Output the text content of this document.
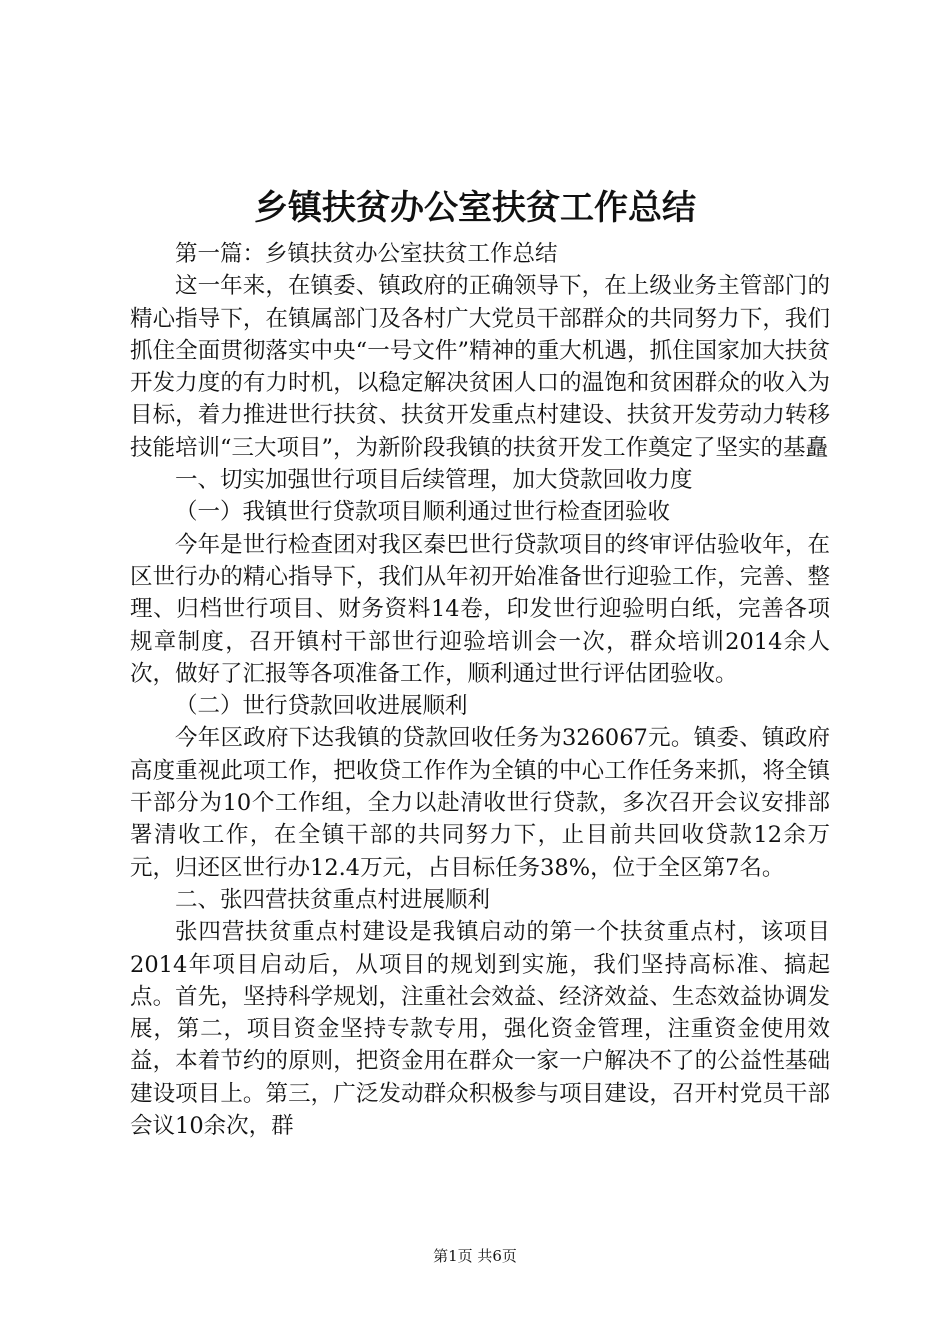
乡镇扶贫办公室扶贫工作总结

第一篇：乡镇扶贫办公室扶贫工作总结

这一年来，在镇委、镇政府的正确领导下，在上级业务主管部门的精心指导下，在镇属部门及各村广大党员干部群众的共同努力下，我们抓住全面贯彻落实中央“一号文件”精神的重大机遇，抓住国家加大扶贫开发力度的有力时机，以稳定解决贫困人口的温饱和贫困群众的收入为目标，着力推进世行扶贫、扶贫开发重点村建设、扶贫开发劳动力转移技能培训“三大项目”，为新阶段我镇的扶贫开发工作奠定了坚实的基矗

一、切实加强世行项目后续管理，加大贷款回收力度

（一）我镇世行贷款项目顺利通过世行检查团验收

今年是世行检查团对我区秦巴世行贷款项目的终审评估验收年，在区世行办的精心指导下，我们从年初开始准备世行迎验工作，完善、整理、归档世行项目、财务资料14卷，印发世行迎验明白纸，完善各项规章制度，召开镇村干部世行迎验培训会一次，群众培训2014余人次，做好了汇报等各项准备工作，顺利通过世行评估团验收。

（二）世行贷款回收进展顺利

今年区政府下达我镇的贷款回收任务为326067元。镇委、镇政府高度重视此项工作，把收贷工作作为全镇的中心工作任务来抓，将全镇干部分为10个工作组，全力以赴清收世行贷款，多次召开会议安排部署清收工作，在全镇干部的共同努力下，止目前共回收贷款12余万元，归还区世行办12.4万元，占目标任务38%，位于全区第7名。

二、张四营扶贫重点村进展顺利

张四营扶贫重点村建设是我镇启动的第一个扶贫重点村，该项目2014年项目启动后，从项目的规划到实施，我们坚持高标准、搞起点。首先，坚持科学规划，注重社会效益、经济效益、生态效益协调发展，第二，项目资金坚持专款专用，强化资金管理，注重资金使用效益，本着节约的原则，把资金用在群众一家一户解决不了的公益性基础建设项目上。第三，广泛发动群众积极参与项目建设，召开村党员干部会议10余次，群

第1页 共6页
